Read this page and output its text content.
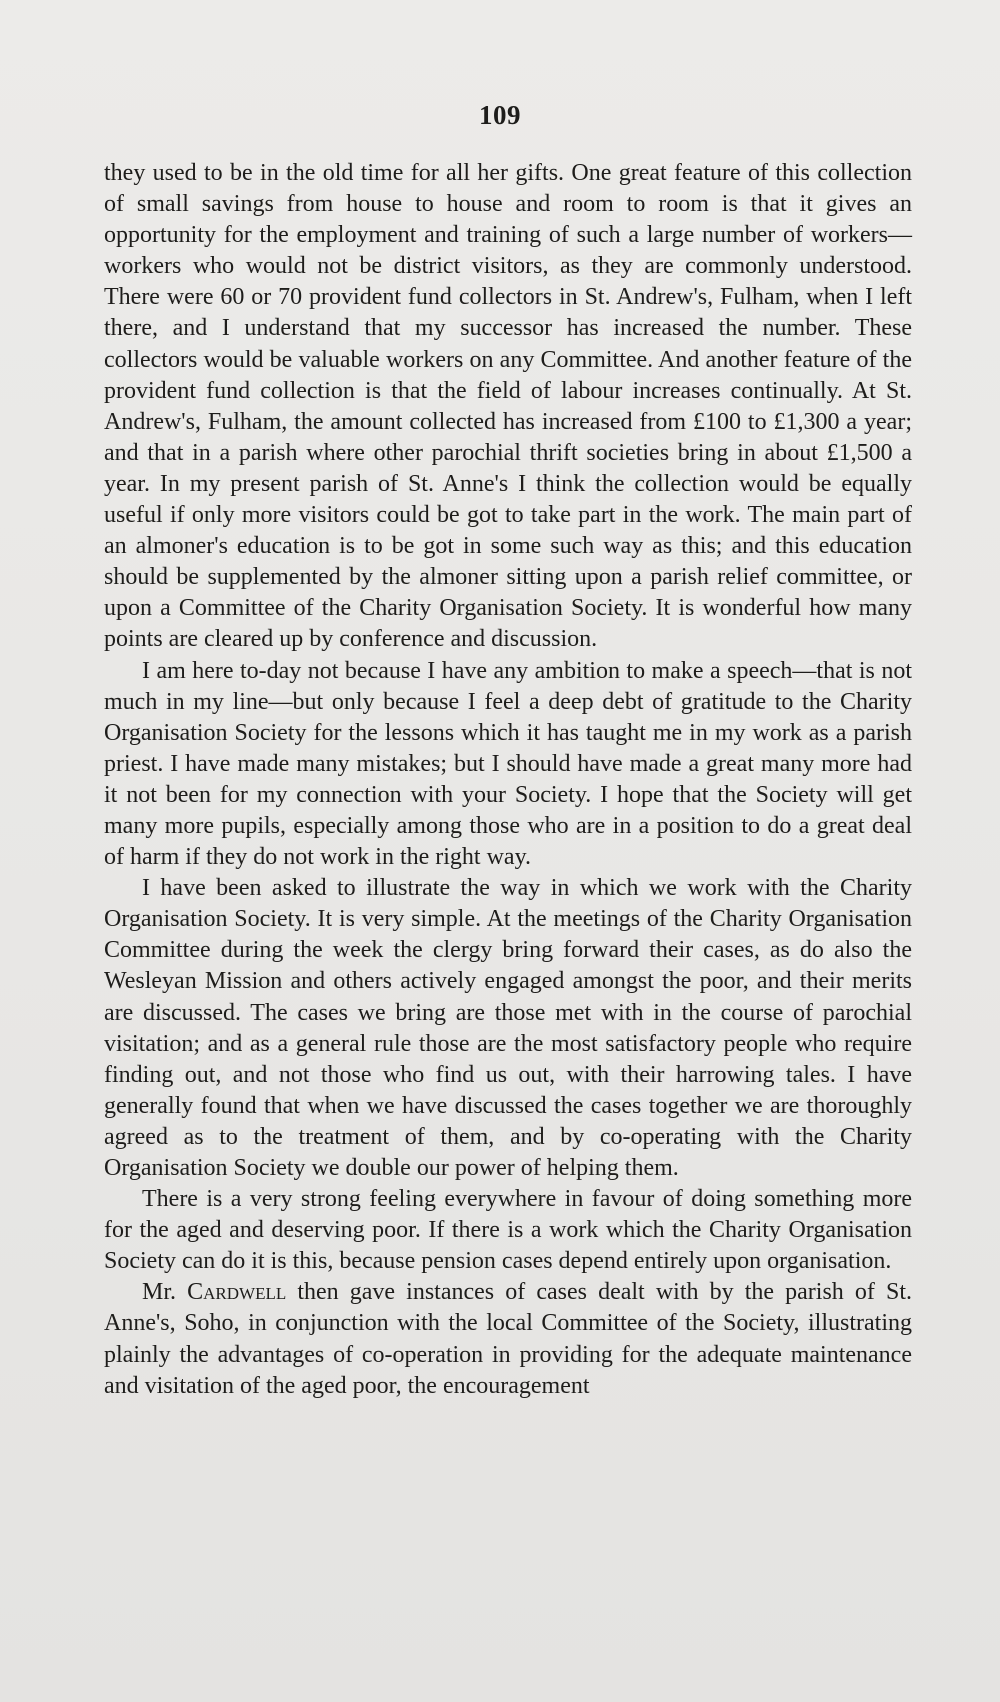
109

they used to be in the old time for all her gifts. One great feature of this collection of small savings from house to house and room to room is that it gives an opportunity for the employment and training of such a large number of workers—workers who would not be district visitors, as they are commonly understood. There were 60 or 70 provident fund collectors in St. Andrew's, Fulham, when I left there, and I understand that my successor has increased the number. These collectors would be valuable workers on any Committee. And another feature of the provident fund collection is that the field of labour increases continually. At St. Andrew's, Fulham, the amount collected has increased from £100 to £1,300 a year; and that in a parish where other parochial thrift societies bring in about £1,500 a year. In my present parish of St. Anne's I think the collection would be equally useful if only more visitors could be got to take part in the work. The main part of an almoner's education is to be got in some such way as this; and this education should be supplemented by the almoner sitting upon a parish relief committee, or upon a Committee of the Charity Organisation Society. It is wonderful how many points are cleared up by conference and discussion.

I am here to-day not because I have any ambition to make a speech—that is not much in my line—but only because I feel a deep debt of gratitude to the Charity Organisation Society for the lessons which it has taught me in my work as a parish priest. I have made many mistakes; but I should have made a great many more had it not been for my connection with your Society. I hope that the Society will get many more pupils, especially among those who are in a position to do a great deal of harm if they do not work in the right way.

I have been asked to illustrate the way in which we work with the Charity Organisation Society. It is very simple. At the meetings of the Charity Organisation Committee during the week the clergy bring forward their cases, as do also the Wesleyan Mission and others actively engaged amongst the poor, and their merits are discussed. The cases we bring are those met with in the course of parochial visitation; and as a general rule those are the most satisfactory people who require finding out, and not those who find us out, with their harrowing tales. I have generally found that when we have discussed the cases together we are thoroughly agreed as to the treatment of them, and by co-operating with the Charity Organisation Society we double our power of helping them.

There is a very strong feeling everywhere in favour of doing something more for the aged and deserving poor. If there is a work which the Charity Organisation Society can do it is this, because pension cases depend entirely upon organisation.

Mr. Cardwell then gave instances of cases dealt with by the parish of St. Anne's, Soho, in conjunction with the local Committee of the Society, illustrating plainly the advantages of co-operation in providing for the adequate maintenance and visitation of the aged poor, the encouragement
